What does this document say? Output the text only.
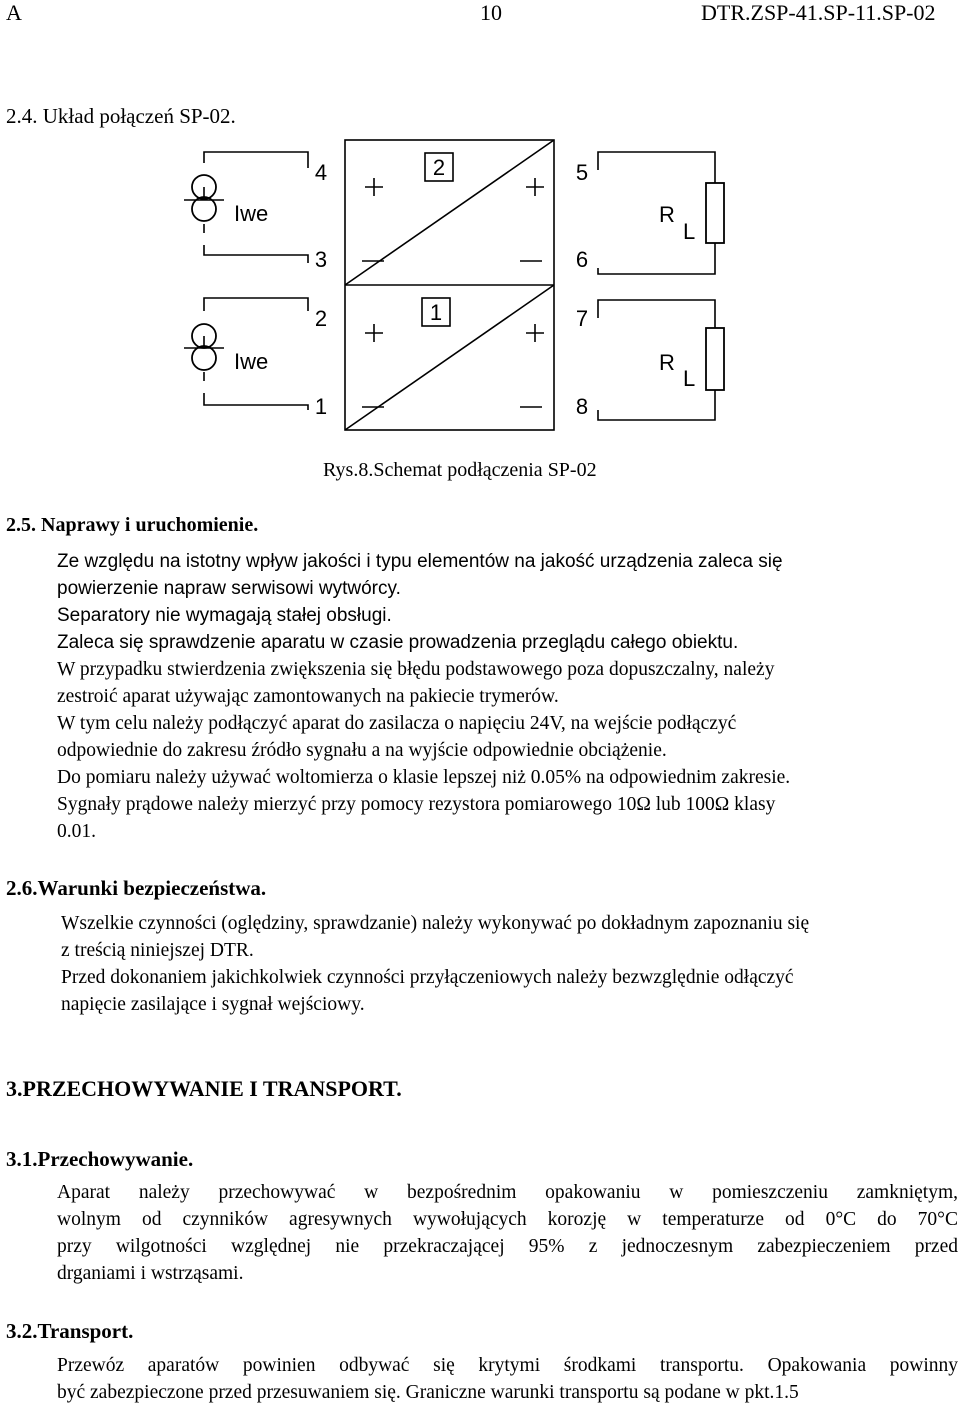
A	10	DTR.ZSP-41.SP-11.SP-02
2.4. Układ połączeń SP-02.
2
1
4
3
2
1
5
6
7
8
Iwe
Iwe
R
L
R
L
Rys.8.Schemat podłączenia SP-02
2.5. Naprawy i uruchomienie.
Ze względu na istotny wpływ jakości i typu elementów na jakość urządzenia zaleca się
powierzenie napraw serwisowi wytwórcy.
Separatory nie wymagają stałej obsługi.
Zaleca się sprawdzenie aparatu w czasie prowadzenia przeglądu całego obiektu.
W przypadku stwierdzenia zwiększenia się błędu podstawowego poza dopuszczalny, należy
zestroić aparat używając zamontowanych na pakiecie trymerów.
W tym celu należy podłączyć aparat do zasilacza o napięciu 24V, na wejście podłączyć
odpowiednie do zakresu źródło sygnału a na wyjście odpowiednie obciążenie.
Do pomiaru należy używać woltomierza o klasie lepszej niż 0.05% na odpowiednim zakresie.
Sygnały prądowe należy mierzyć przy pomocy rezystora pomiarowego 10Ω lub 100Ω klasy
0.01.
2.6.Warunki bezpieczeństwa.
Wszelkie czynności (oględziny, sprawdzanie) należy wykonywać po dokładnym zapoznaniu się
z treścią niniejszej DTR.
Przed dokonaniem jakichkolwiek czynności przyłączeniowych należy bezwzględnie odłączyć
napięcie zasilające i sygnał wejściowy.
3.PRZECHOWYWANIE I TRANSPORT.
3.1.Przechowywanie.
Aparat należy przechowywać w bezpośrednim opakowaniu w pomieszczeniu zamkniętym,
wolnym od czynników agresywnych wywołujących korozję w temperaturze od 0°C do 70°C
przy wilgotności względnej nie przekraczającej 95% z jednoczesnym zabezpieczeniem przed
drganiami i wstrząsami.
3.2.Transport.
Przewóz aparatów powinien odbywać się krytymi środkami transportu. Opakowania powinny
być zabezpieczone przed przesuwaniem się. Graniczne warunki transportu są podane w pkt.1.5
